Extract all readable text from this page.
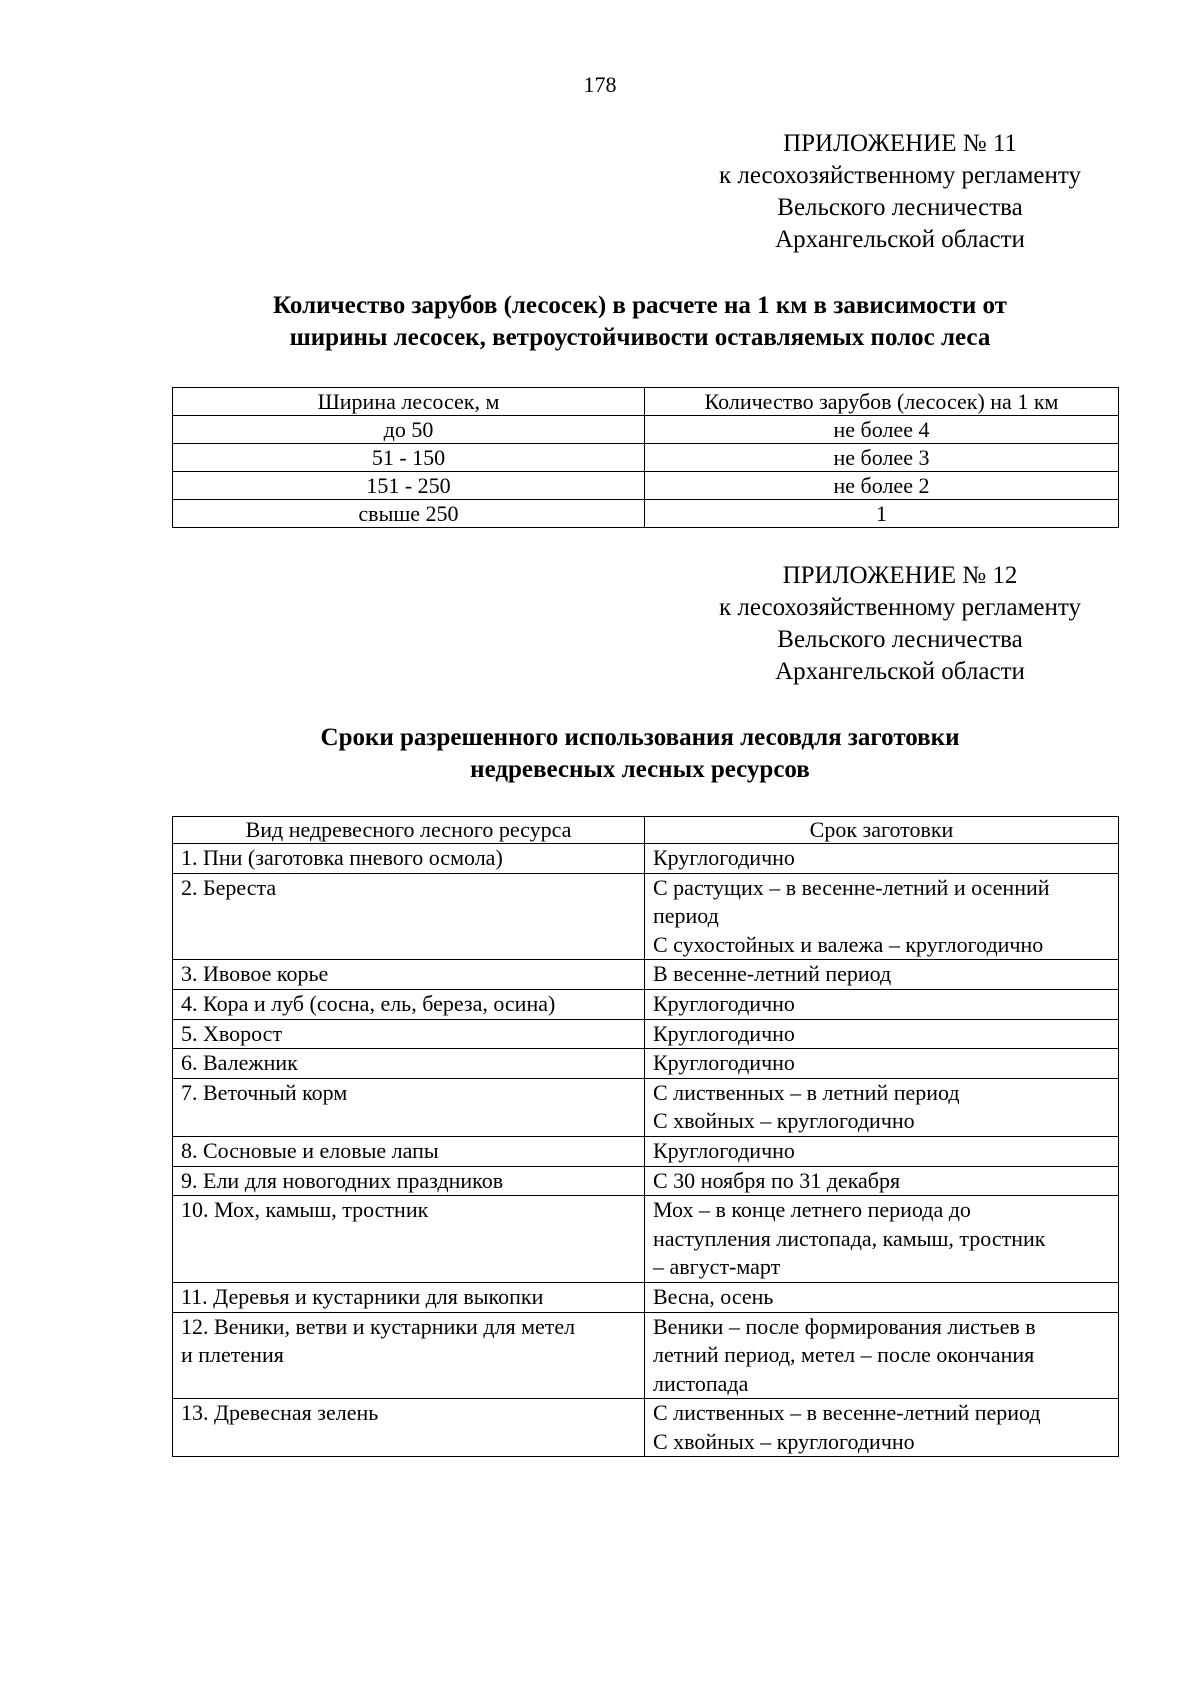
178
ПРИЛОЖЕНИЕ № 11
к лесохозяйственному регламенту
Вельского лесничества
Архангельской области
Количество зарубов (лесосек) в расчете на 1 км в зависимости от
ширины лесосек, ветроустойчивости оставляемых полос леса
Ширина лесосек, м	Количество зарубов (лесосек) на 1 км
до 50	не более 4
51 - 150	не более 3
151 - 250	не более 2
свыше 250	1
ПРИЛОЖЕНИЕ № 12
к лесохозяйственному регламенту
Вельского лесничества
Архангельской области
Сроки разрешенного использования лесовдля заготовки
недревесных лесных ресурсов
Вид недревесного лесного ресурса	Срок заготовки

1. Пни (заготовка пневого осмола)	Круглогодично

2. Береста	С растущих – в весенне-летний и осенний
период
С сухостойных и валежа – круглогодично

3. Ивовое корье	В весенне-летний период

4. Кора и луб (сосна, ель, береза, осина)	Круглогодично

5. Хворост	Круглогодично

6. Валежник	Круглогодично

7. Веточный корм	С лиственных – в летний период
С хвойных – круглогодично

8. Сосновые и еловые лапы	Круглогодично

9. Ели для новогодних праздников	С 30 ноября по 31 декабря

10. Мох, камыш, тростник	Мох – в конце летнего периода до
наступления листопада, камыш, тростник
– август-март

11. Деревья и кустарники для выкопки	Весна, осень

12. Веники, ветви и кустарники для метел
и плетения	Веники – после формирования листьев в
летний период, метел – после окончания
листопада

13. Древесная зелень	С лиственных – в весенне-летний период
С хвойных – круглогодично
